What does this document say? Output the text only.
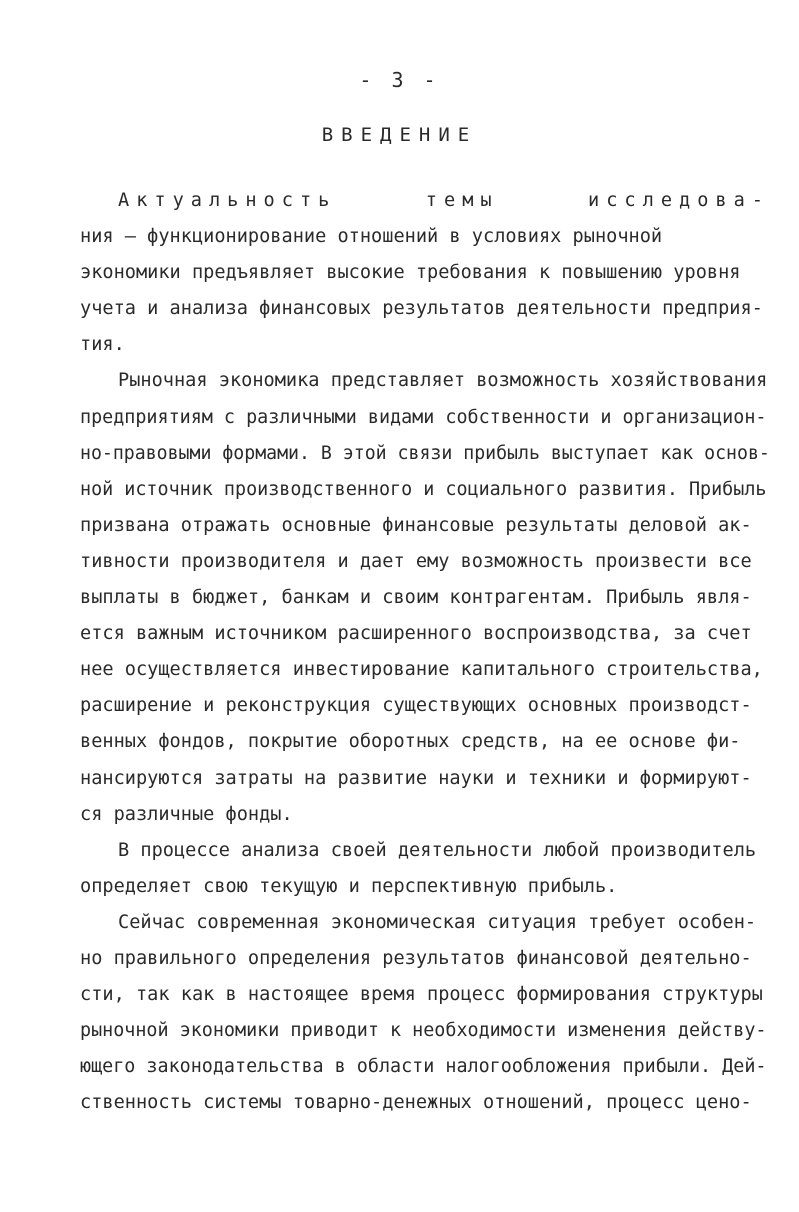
- 3 -
ВВЕДЕНИЕ
Актуальность темы исследова-
ния – функционирование отношений в условиях рыночной
экономики предъявляет высокие требования к повышению уровня
учета и анализа финансовых результатов деятельности предприя-
тия.
Рыночная экономика представляет возможность хозяйствования
предприятиям с различными видами собственности и организацион-
но-правовыми формами. В этой связи прибыль выступает как основ-
ной источник производственного и социального развития. Прибыль
призвана отражать основные финансовые результаты деловой ак-
тивности производителя и дает ему возможность произвести все
выплаты в бюджет, банкам и своим контрагентам. Прибыль явля-
ется важным источником расширенного воспроизводства, за счет
нее осуществляется инвестирование капитального строительства,
расширение и реконструкция существующих основных производст-
венных фондов, покрытие оборотных средств, на ее основе фи-
нансируются затраты на развитие науки и техники и формируют-
ся различные фонды.
В процессе анализа своей деятельности любой производитель
определяет свою текущую и перспективную прибыль.
Сейчас современная экономическая ситуация требует особен-
но правильного определения результатов финансовой деятельно-
сти, так как в настоящее время процесс формирования структуры
рыночной экономики приводит к необходимости изменения действу-
ющего законодательства в области налогообложения прибыли. Дей-
ственность системы товарно-денежных отношений, процесс цено-
